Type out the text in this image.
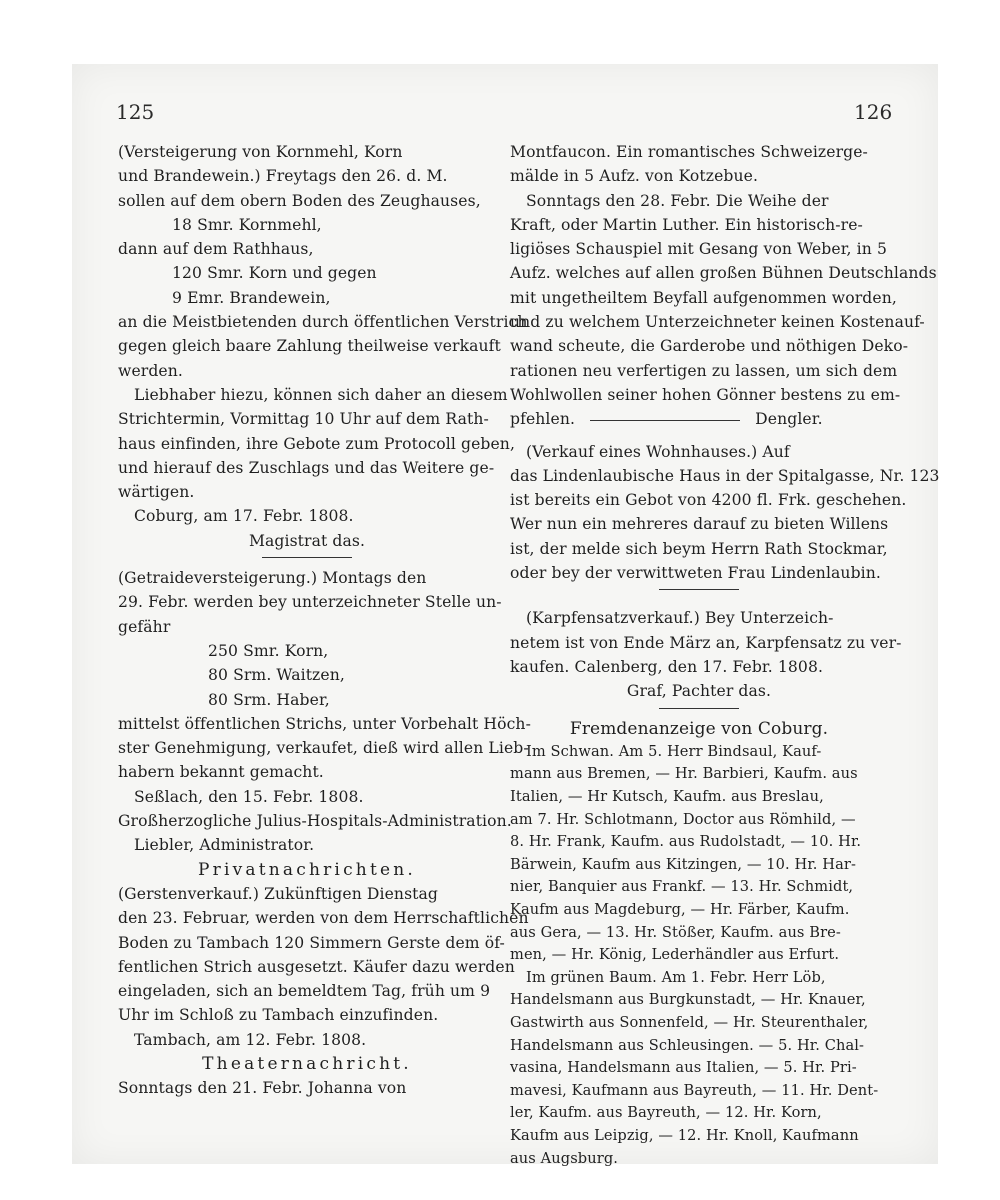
125	126
(Versteigerung von Kornmehl, Korn
und Brandewein.) Freytags den 26. d. M.
sollen auf dem obern Boden des Zeughauses,
18 Smr. Kornmehl,
dann auf dem Rathhaus,
120 Smr. Korn und gegen
9 Emr. Brandewein,
an die Meistbietenden durch öffentlichen Verstrich
gegen gleich baare Zahlung theilweise verkauft
werden.
Liebhaber hiezu, können sich daher an diesem
Strichtermin, Vormittag 10 Uhr auf dem Rath-
haus einfinden, ihre Gebote zum Protocoll geben,
und hierauf des Zuschlags und das Weitere ge-
wärtigen.
Coburg, am 17. Febr. 1808.
Magistrat das.
(Getraideversteigerung.) Montags den
29. Febr. werden bey unterzeichneter Stelle un-
gefähr
250 Smr. Korn,
80 Srm. Waitzen,
80 Srm. Haber,
mittelst öffentlichen Strichs, unter Vorbehalt Höch-
ster Genehmigung, verkaufet, dieß wird allen Lieb-
habern bekannt gemacht.
Seßlach, den 15. Febr. 1808.
Großherzogliche Julius-Hospitals-Administration.
Liebler, Administrator.
Privatnachrichten.
(Gerstenverkauf.) Zukünftigen Dienstag
den 23. Februar, werden von dem Herrschaftlichen
Boden zu Tambach 120 Simmern Gerste dem öf-
fentlichen Strich ausgesetzt. Käufer dazu werden
eingeladen, sich an bemeldtem Tag, früh um 9
Uhr im Schloß zu Tambach einzufinden.
Tambach, am 12. Febr. 1808.
Theaternachricht.
Sonntags den 21. Febr. Johanna von
Montfaucon. Ein romantisches Schweizerge-
mälde in 5 Aufz. von Kotzebue.
Sonntags den 28. Febr. Die Weihe der
Kraft, oder Martin Luther. Ein historisch-re-
ligiöses Schauspiel mit Gesang von Weber, in 5
Aufz. welches auf allen großen Bühnen Deutschlands
mit ungetheiltem Beyfall aufgenommen worden,
und zu welchem Unterzeichneter keinen Kostenauf-
wand scheute, die Garderobe und nöthigen Deko-
rationen neu verfertigen zu lassen, um sich dem
Wohlwollen seiner hohen Gönner bestens zu em-
pfehlen.	Dengler.
(Verkauf eines Wohnhauses.) Auf
das Lindenlaubische Haus in der Spitalgasse, Nr. 123
ist bereits ein Gebot von 4200 fl. Frk. geschehen.
Wer nun ein mehreres darauf zu bieten Willens
ist, der melde sich beym Herrn Rath Stockmar,
oder bey der verwittweten Frau Lindenlaubin.
(Karpfensatzverkauf.) Bey Unterzeich-
netem ist von Ende März an, Karpfensatz zu ver-
kaufen. Calenberg, den 17. Febr. 1808.
Graf, Pachter das.
Fremdenanzeige von Coburg.
Im Schwan. Am 5. Herr Bindsaul, Kauf-
mann aus Bremen, — Hr. Barbieri, Kaufm. aus
Italien, — Hr Kutsch, Kaufm. aus Breslau,
am 7. Hr. Schlotmann, Doctor aus Römhild, —
8. Hr. Frank, Kaufm. aus Rudolstadt, — 10. Hr.
Bärwein, Kaufm aus Kitzingen, — 10. Hr. Har-
nier, Banquier aus Frankf. — 13. Hr. Schmidt,
Kaufm aus Magdeburg, — Hr. Färber, Kaufm.
aus Gera, — 13. Hr. Stößer, Kaufm. aus Bre-
men, — Hr. König, Lederhändler aus Erfurt.
Im grünen Baum. Am 1. Febr. Herr Löb,
Handelsmann aus Burgkunstadt, — Hr. Knauer,
Gastwirth aus Sonnenfeld, — Hr. Steurenthaler,
Handelsmann aus Schleusingen. — 5. Hr. Chal-
vasina, Handelsmann aus Italien, — 5. Hr. Pri-
mavesi, Kaufmann aus Bayreuth, — 11. Hr. Dent-
ler, Kaufm. aus Bayreuth, — 12. Hr. Korn,
Kaufm aus Leipzig, — 12. Hr. Knoll, Kaufmann
aus Augsburg.
